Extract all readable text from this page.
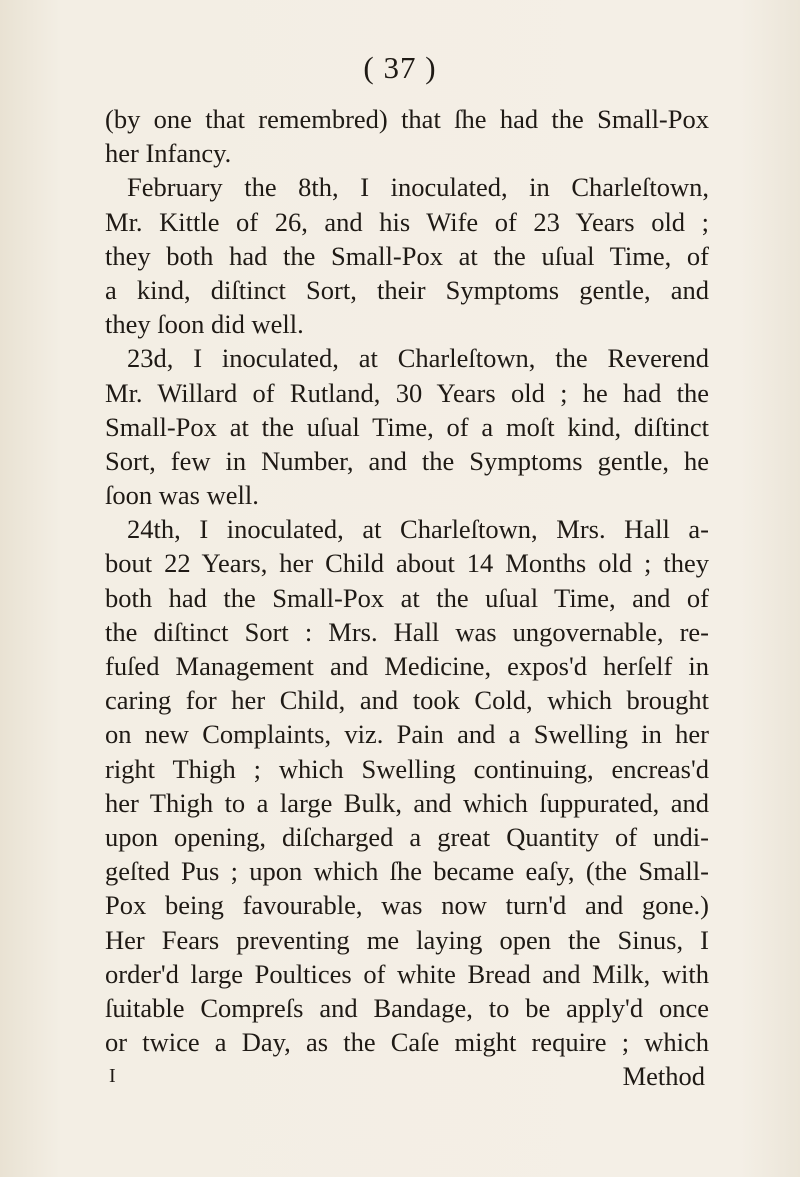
( 37 )
(by one that remembred) that ſhe had the Small-Pox
her Infancy.
February the 8th, I inoculated, in Charleſtown,
Mr. Kittle of 26, and his Wife of 23 Years old ;
they both had the Small-Pox at the uſual Time, of
a kind, diſtinct Sort, their Symptoms gentle, and
they ſoon did well.
23d, I inoculated, at Charleſtown, the Reverend
Mr. Willard of Rutland, 30 Years old ; he had the
Small-Pox at the uſual Time, of a moſt kind, diſtinct
Sort, few in Number, and the Symptoms gentle, he
ſoon was well.
24th, I inoculated, at Charleſtown, Mrs. Hall a-
bout 22 Years, her Child about 14 Months old ; they
both had the Small-Pox at the uſual Time, and of
the diſtinct Sort : Mrs. Hall was ungovernable, re-
fuſed Management and Medicine, expos'd herſelf in
caring for her Child, and took Cold, which brought
on new Complaints, viz. Pain and a Swelling in her
right Thigh ; which Swelling continuing, encreas'd
her Thigh to a large Bulk, and which ſuppurated, and
upon opening, diſcharged a great Quantity of undi-
geſted Pus ; upon which ſhe became eaſy, (the Small-
Pox being favourable, was now turn'd and gone.)
Her Fears preventing me laying open the Sinus, I
order'd large Poultices of white Bread and Milk, with
ſuitable Compreſs and Bandage, to be apply'd once
or twice a Day, as the Caſe might require ; which
I	Method
